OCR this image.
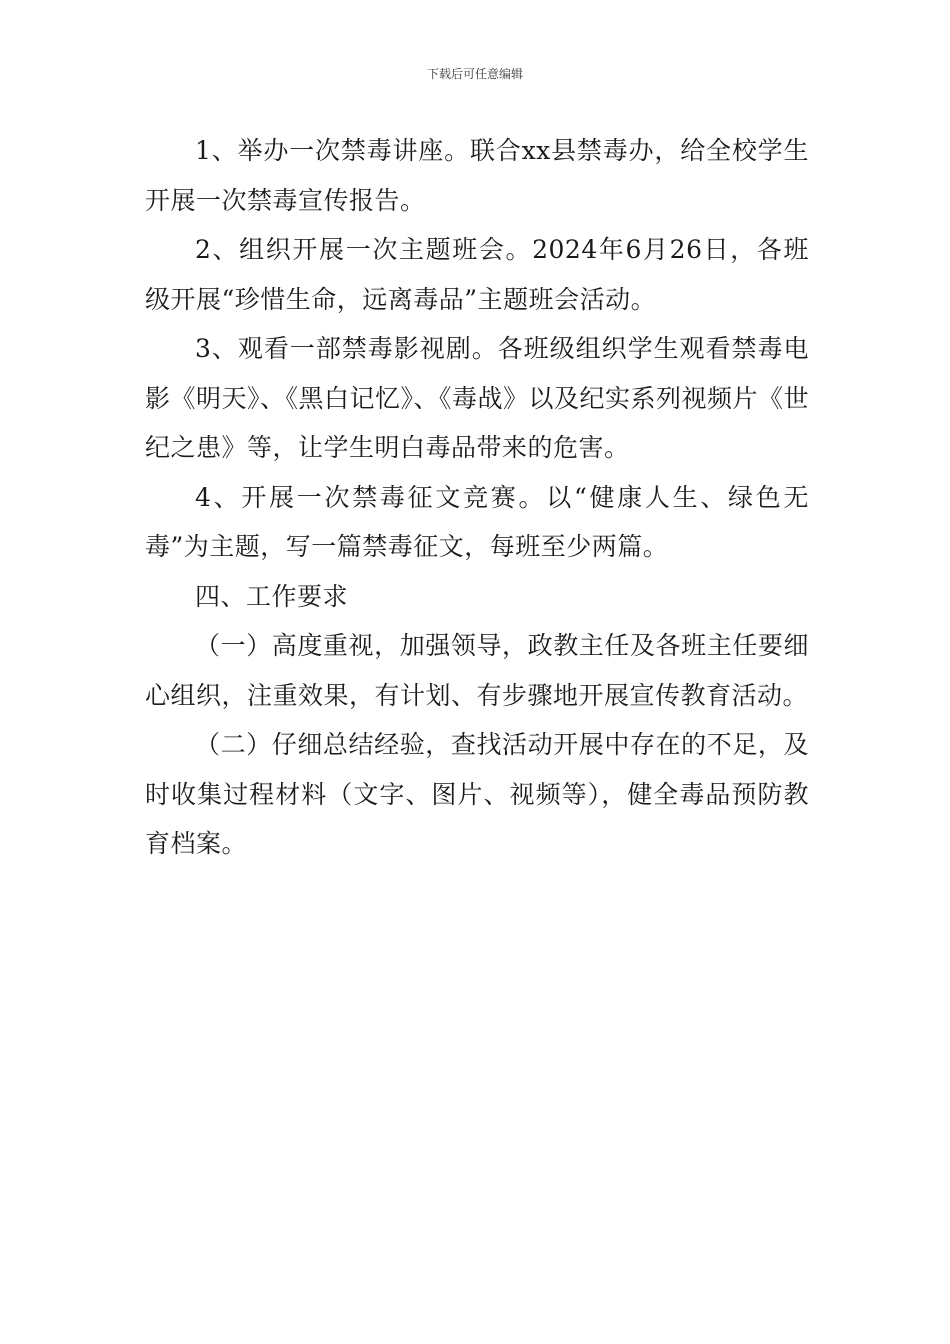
下载后可任意编辑

1、举办一次禁毒讲座。联合xx县禁毒办，给全校学生开展一次禁毒宣传报告。

2、组织开展一次主题班会。2024年6月26日，各班级开展“珍惜生命，远离毒品”主题班会活动。

3、观看一部禁毒影视剧。各班级组织学生观看禁毒电影《明天》、《黑白记忆》、《毒战》以及纪实系列视频片《世纪之患》等，让学生明白毒品带来的危害。

4、开展一次禁毒征文竞赛。以“健康人生、绿色无毒”为主题，写一篇禁毒征文，每班至少两篇。

四、工作要求

（一）高度重视，加强领导，政教主任及各班主任要细心组织，注重效果，有计划、有步骤地开展宣传教育活动。

（二）仔细总结经验，查找活动开展中存在的不足，及时收集过程材料（文字、图片、视频等），健全毒品预防教育档案。
